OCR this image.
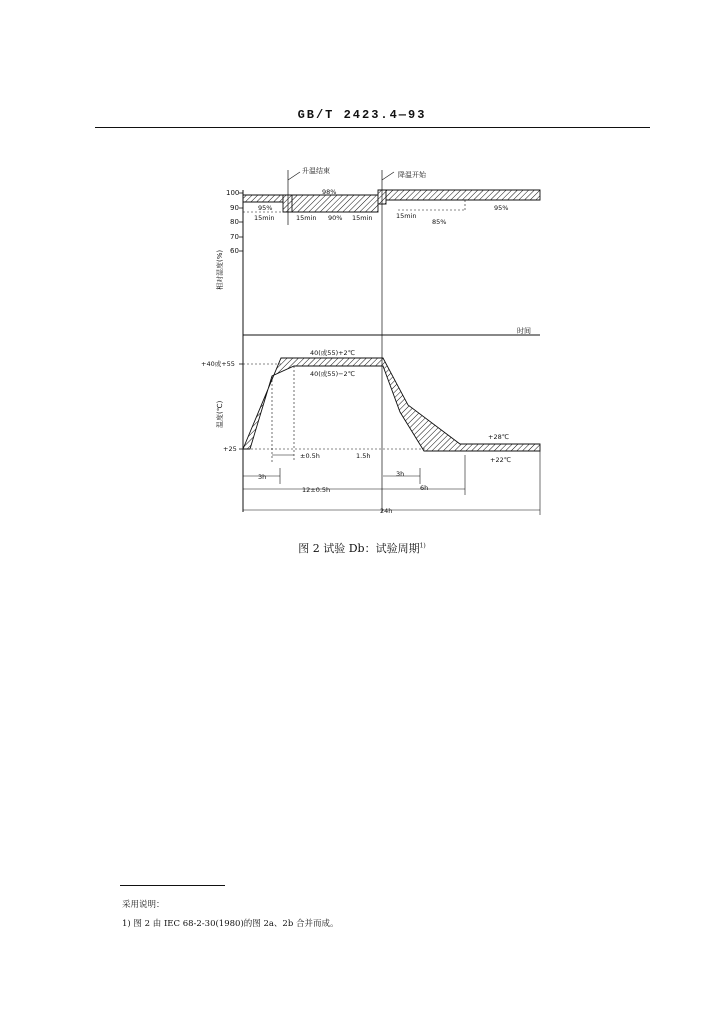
GB/T 2423.4—93
100
90
80
70
60
相对湿度(%)
温度(℃)
升温结束	降温开始
98%
95%	95%
90%	85%
15min	15min	15min	15min
时间
+40或+55
+25
40(或55)+2℃
40(或55)−2℃
+28℃
+22℃
±0.5h	1.5h
3h	3h
6h
12±0.5h
24h
图 2 试验 Db：试验周期$^{1)}$
采用说明：
1) 图 2 由 IEC 68-2-30(1980)的图 2a、2b 合并而成。
